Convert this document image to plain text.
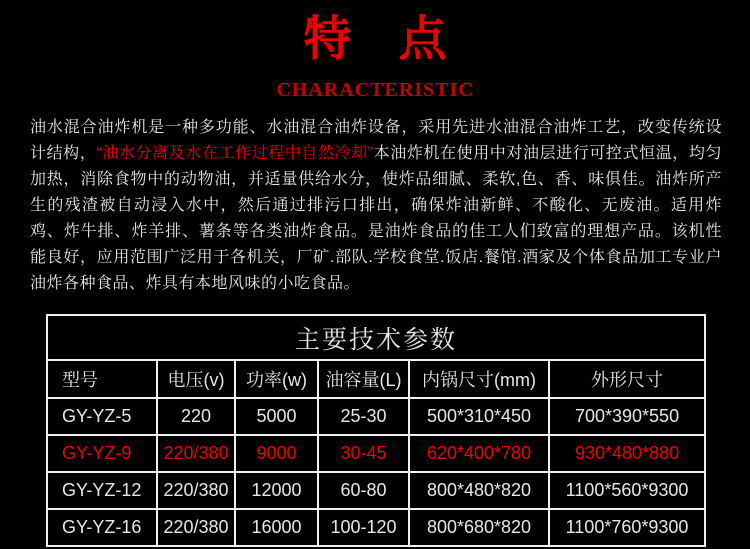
特 点
CHARACTERISTIC

油水混合油炸机是一种多功能、水油混合油炸设备，采用先进水油混合油炸工艺，改变传统设计结构，“油水分离及水在工作过程中自然冷却”本油炸机在使用中对油层进行可控式恒温，均匀加热，消除食物中的动物油，并适量供给水分，使炸品细腻、柔软,色、香、味俱佳。油炸所产生的残渣被自动浸入水中，然后通过排污口排出，确保炸油新鲜、不酸化、无废油。适用炸鸡、炸牛排、炸羊排、薯条等各类油炸食品。是油炸食品的佳工人们致富的理想产品。该机性能良好，应用范围广泛用于各机关，厂矿.部队.学校食堂.饭店.餐馆.酒家及个体食品加工专业户油炸各种食品、炸具有本地风味的小吃食品。

主要技术参数					
型号	电压(v)	功率(w)	油容量(L)	内锅尺寸(mm)	外形尺寸
GY-YZ-5	220	5000	25-30	500*310*450	700*390*550
GY-YZ-9	220/380	9000	30-45	620*400*780	930*480*880
GY-YZ-12	220/380	12000	60-80	800*480*820	1100*560*9300
GY-YZ-16	220/380	16000	100-120	800*680*820	1100*760*9300
